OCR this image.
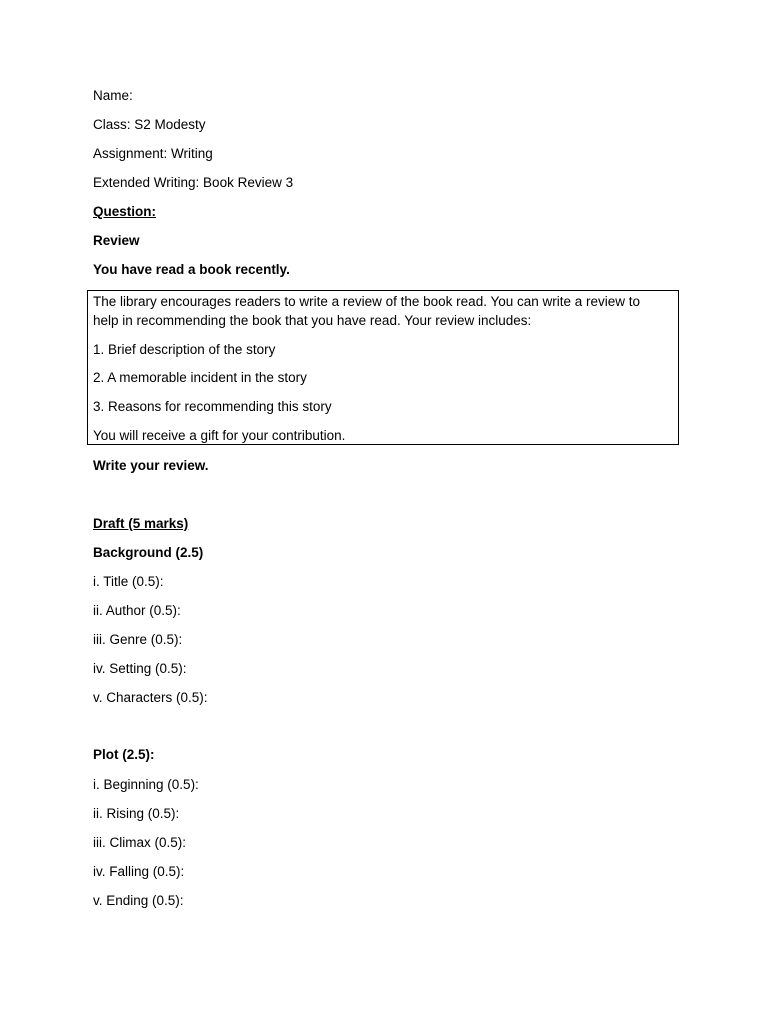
Name:
Class: S2 Modesty
Assignment: Writing
Extended Writing: Book Review 3
Question:
Review
You have read a book recently.
The library encourages readers to write a review of the book read. You can write a review to
help in recommending the book that you have read. Your review includes:
1. Brief description of the story
2. A memorable incident in the story
3. Reasons for recommending this story
You will receive a gift for your contribution.
Write your review.
Draft (5 marks)
Background (2.5)
i. Title (0.5):
ii. Author (0.5):
iii. Genre (0.5):
iv. Setting (0.5):
v. Characters (0.5):
Plot (2.5):
i. Beginning (0.5):
ii. Rising (0.5):
iii. Climax (0.5):
iv. Falling (0.5):
v. Ending (0.5):
